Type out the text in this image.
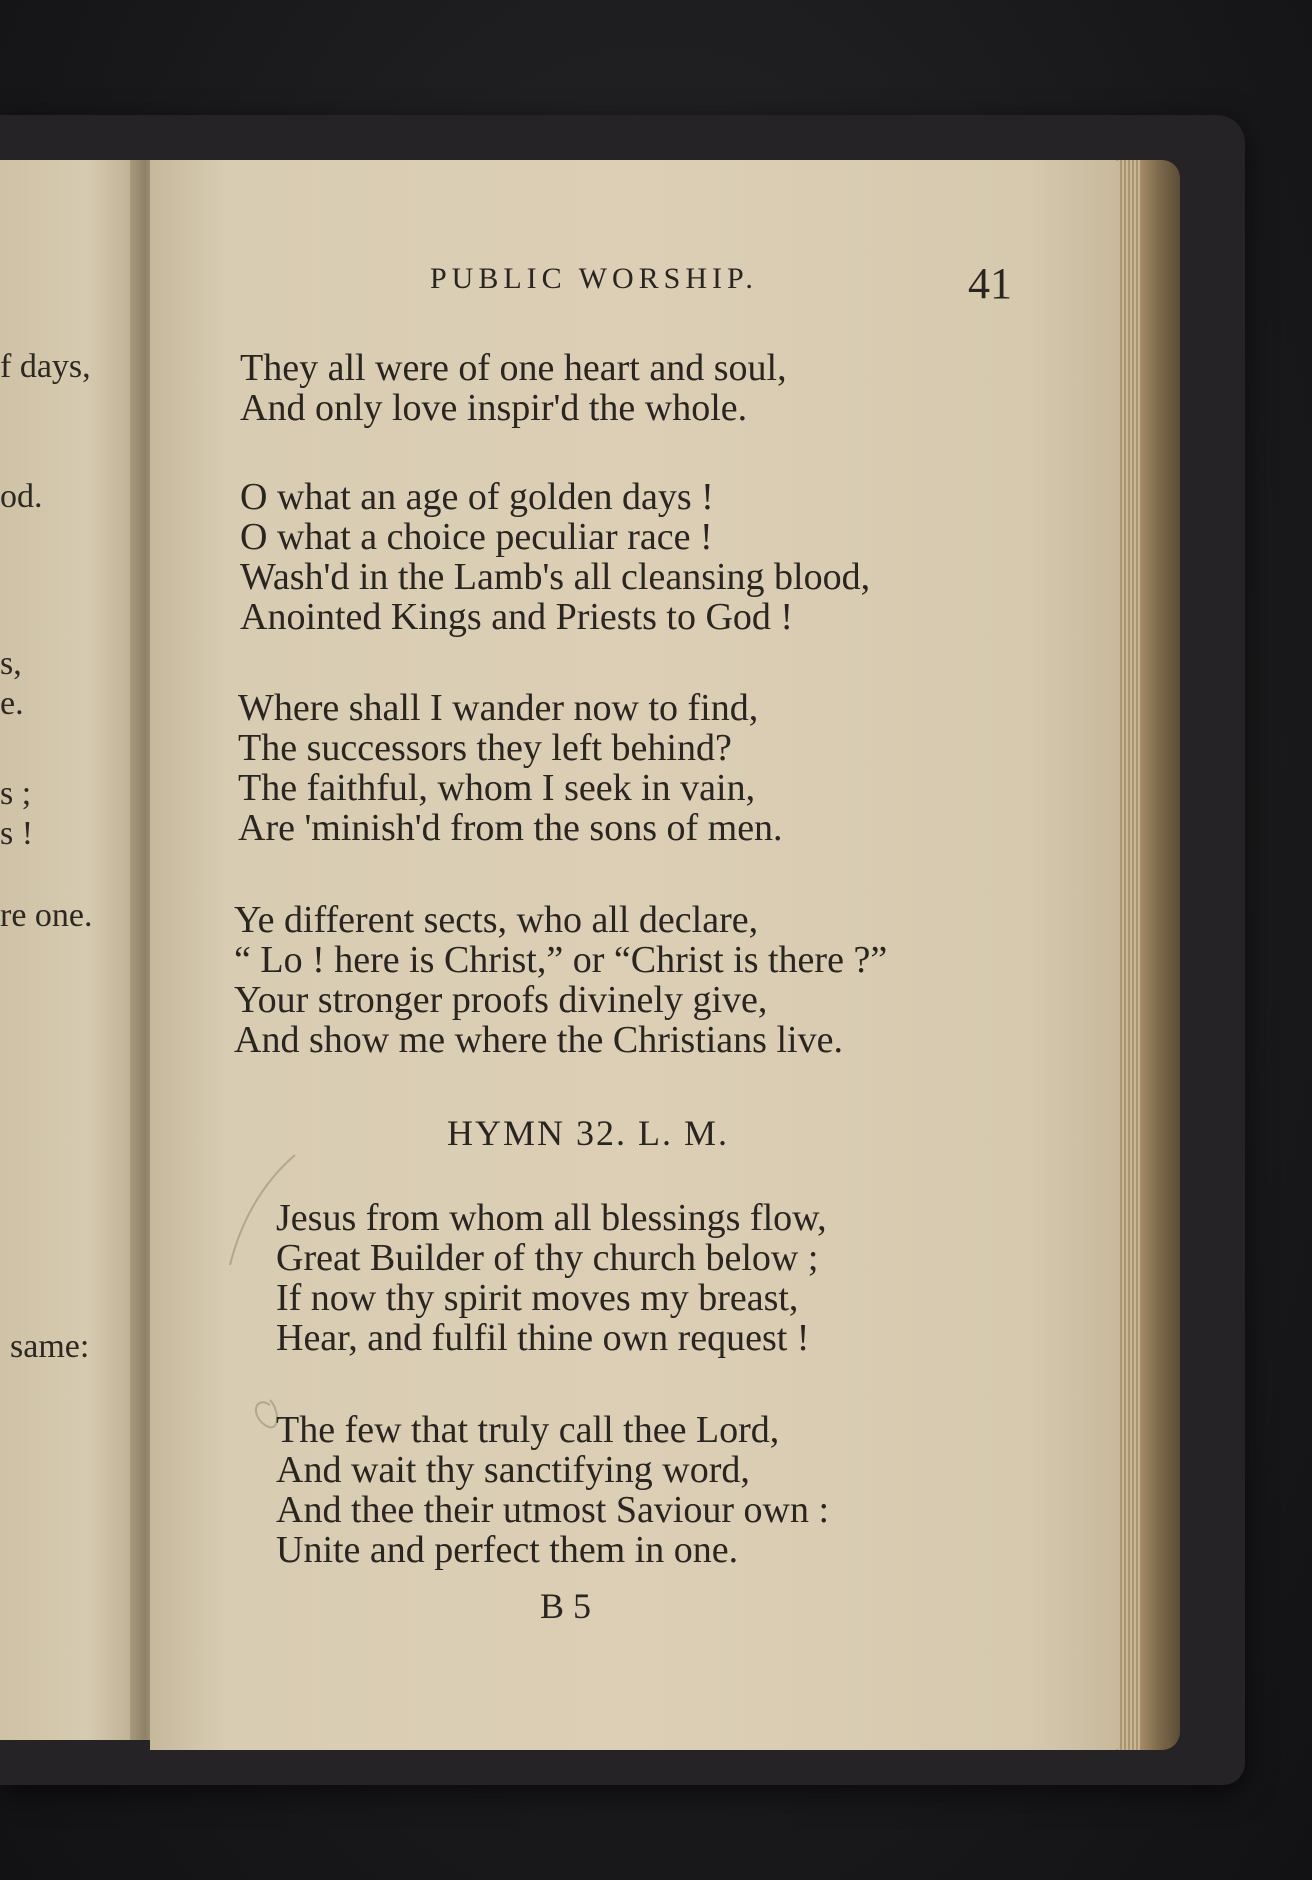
f days,
od.
s,
e.
s ;
s !
re one.
same:
PUBLIC WORSHIP.	41
They all were of one heart and soul,
And only love inspir'd the whole.
O what an age of golden days !
O what a choice peculiar race !
Wash'd in the Lamb's all cleansing blood,
Anointed Kings and Priests to God !
Where shall I wander now to find,
The successors they left behind?
The faithful, whom I seek in vain,
Are 'minish'd from the sons of men.
Ye different sects, who all declare,
“ Lo ! here is Christ,” or “Christ is there ?”
Your stronger proofs divinely give,
And show me where the Christians live.
HYMN 32. L. M.
Jesus from whom all blessings flow,
Great Builder of thy church below ;
If now thy spirit moves my breast,
Hear, and fulfil thine own request !
The few that truly call thee Lord,
And wait thy sanctifying word,
And thee their utmost Saviour own :
Unite and perfect them in one.
B 5
